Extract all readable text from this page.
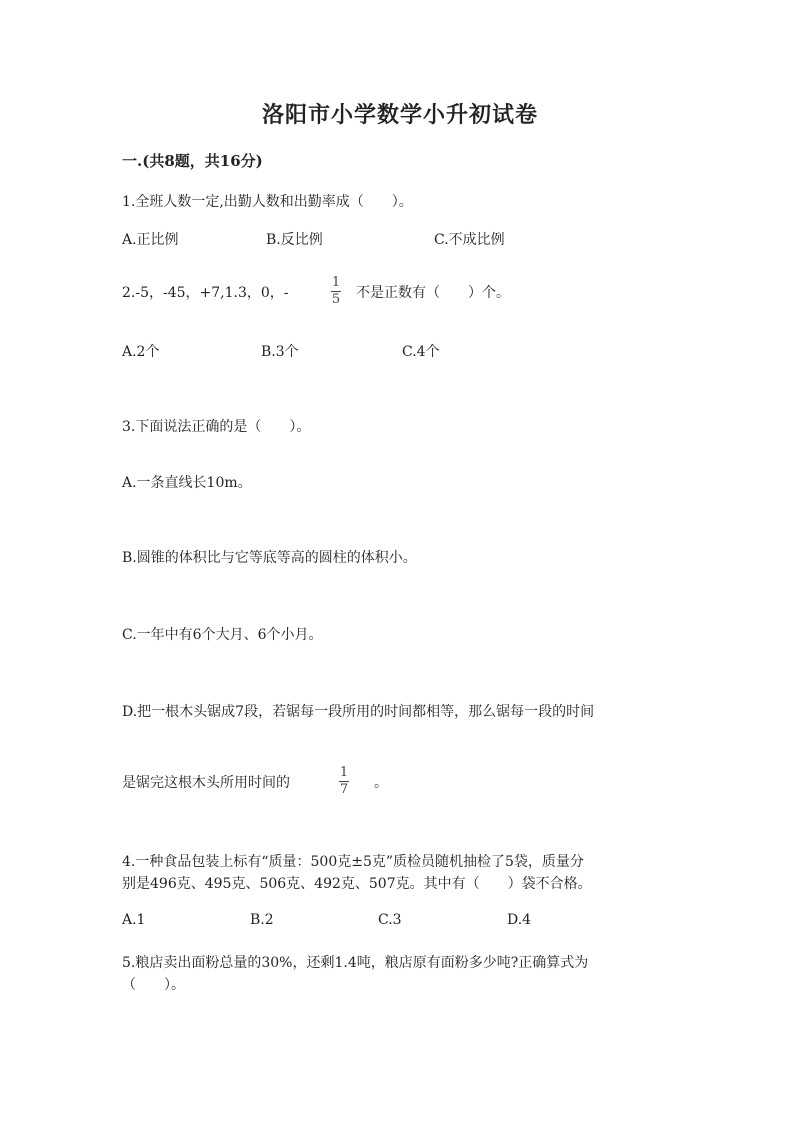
洛阳市小学数学小升初试卷
一.(共8题，共16分)
1.全班人数一定,出勤人数和出勤率成（　　）。
A.正比例	B.反比例	C.不成比例
2.-5，-45，+7,1.3，0，-
1
5 不是正数有（　　）个。
A.2个	B.3个	C.4个
3.下面说法正确的是（　　）。
A.一条直线长10m。
B.圆锥的体积比与它等底等高的圆柱的体积小。
C.一年中有6个大月、6个小月。
D.把一根木头锯成7段，若锯每一段所用的时间都相等，那么锯每一段的时间
是锯完这根木头所用时间的
1
7 。
4.一种食品包装上标有“质量：500克±5克”质检员随机抽检了5袋，质量分
别是496克、495克、506克、492克、507克。其中有（　　）袋不合格。
A.1	B.2	C.3	D.4
5.粮店卖出面粉总量的30%，还剩1.4吨，粮店原有面粉多少吨?正确算式为
（　　）。
